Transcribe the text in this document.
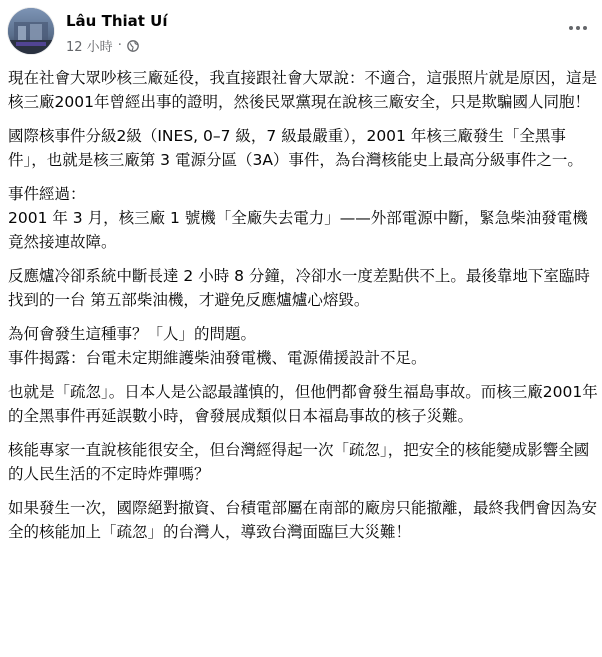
Lâu Thiat Uí
12 小時 ·

現在社會大眾吵核三廠延役，我直接跟社會大眾說：不適合，這張照片就是原因，這是核三廠2001年曾經出事的證明，然後民眾黨現在說核三廠安全，只是欺騙國人同胞！

國際核事件分級2級（INES, 0–7 級，7 級最嚴重），2001 年核三廠發生「全黑事件」，也就是核三廠第 3 電源分區（3A）事件，為台灣核能史上最高分級事件之一。

事件經過：
2001 年 3 月，核三廠 1 號機「全廠失去電力」——外部電源中斷，緊急柴油發電機竟然接連故障。

反應爐冷卻系統中斷長達 2 小時 8 分鐘，冷卻水一度差點供不上。最後靠地下室臨時找到的一台 第五部柴油機，才避免反應爐爐心熔毀。

為何會發生這種事？「人」的問題。
事件揭露：台電未定期維護柴油發電機、電源備援設計不足。

也就是「疏忽」。日本人是公認最謹慎的，但他們都會發生福島事故。而核三廠2001年的全黑事件再延誤數小時，會發展成類似日本福島事故的核子災難。

核能專家一直說核能很安全，但台灣經得起一次「疏忽」，把安全的核能變成影響全國的人民生活的不定時炸彈嗎？

如果發生一次，國際絕對撤資、台積電部屬在南部的廠房只能撤離，最終我們會因為安全的核能加上「疏忽」的台灣人，導致台灣面臨巨大災難！
